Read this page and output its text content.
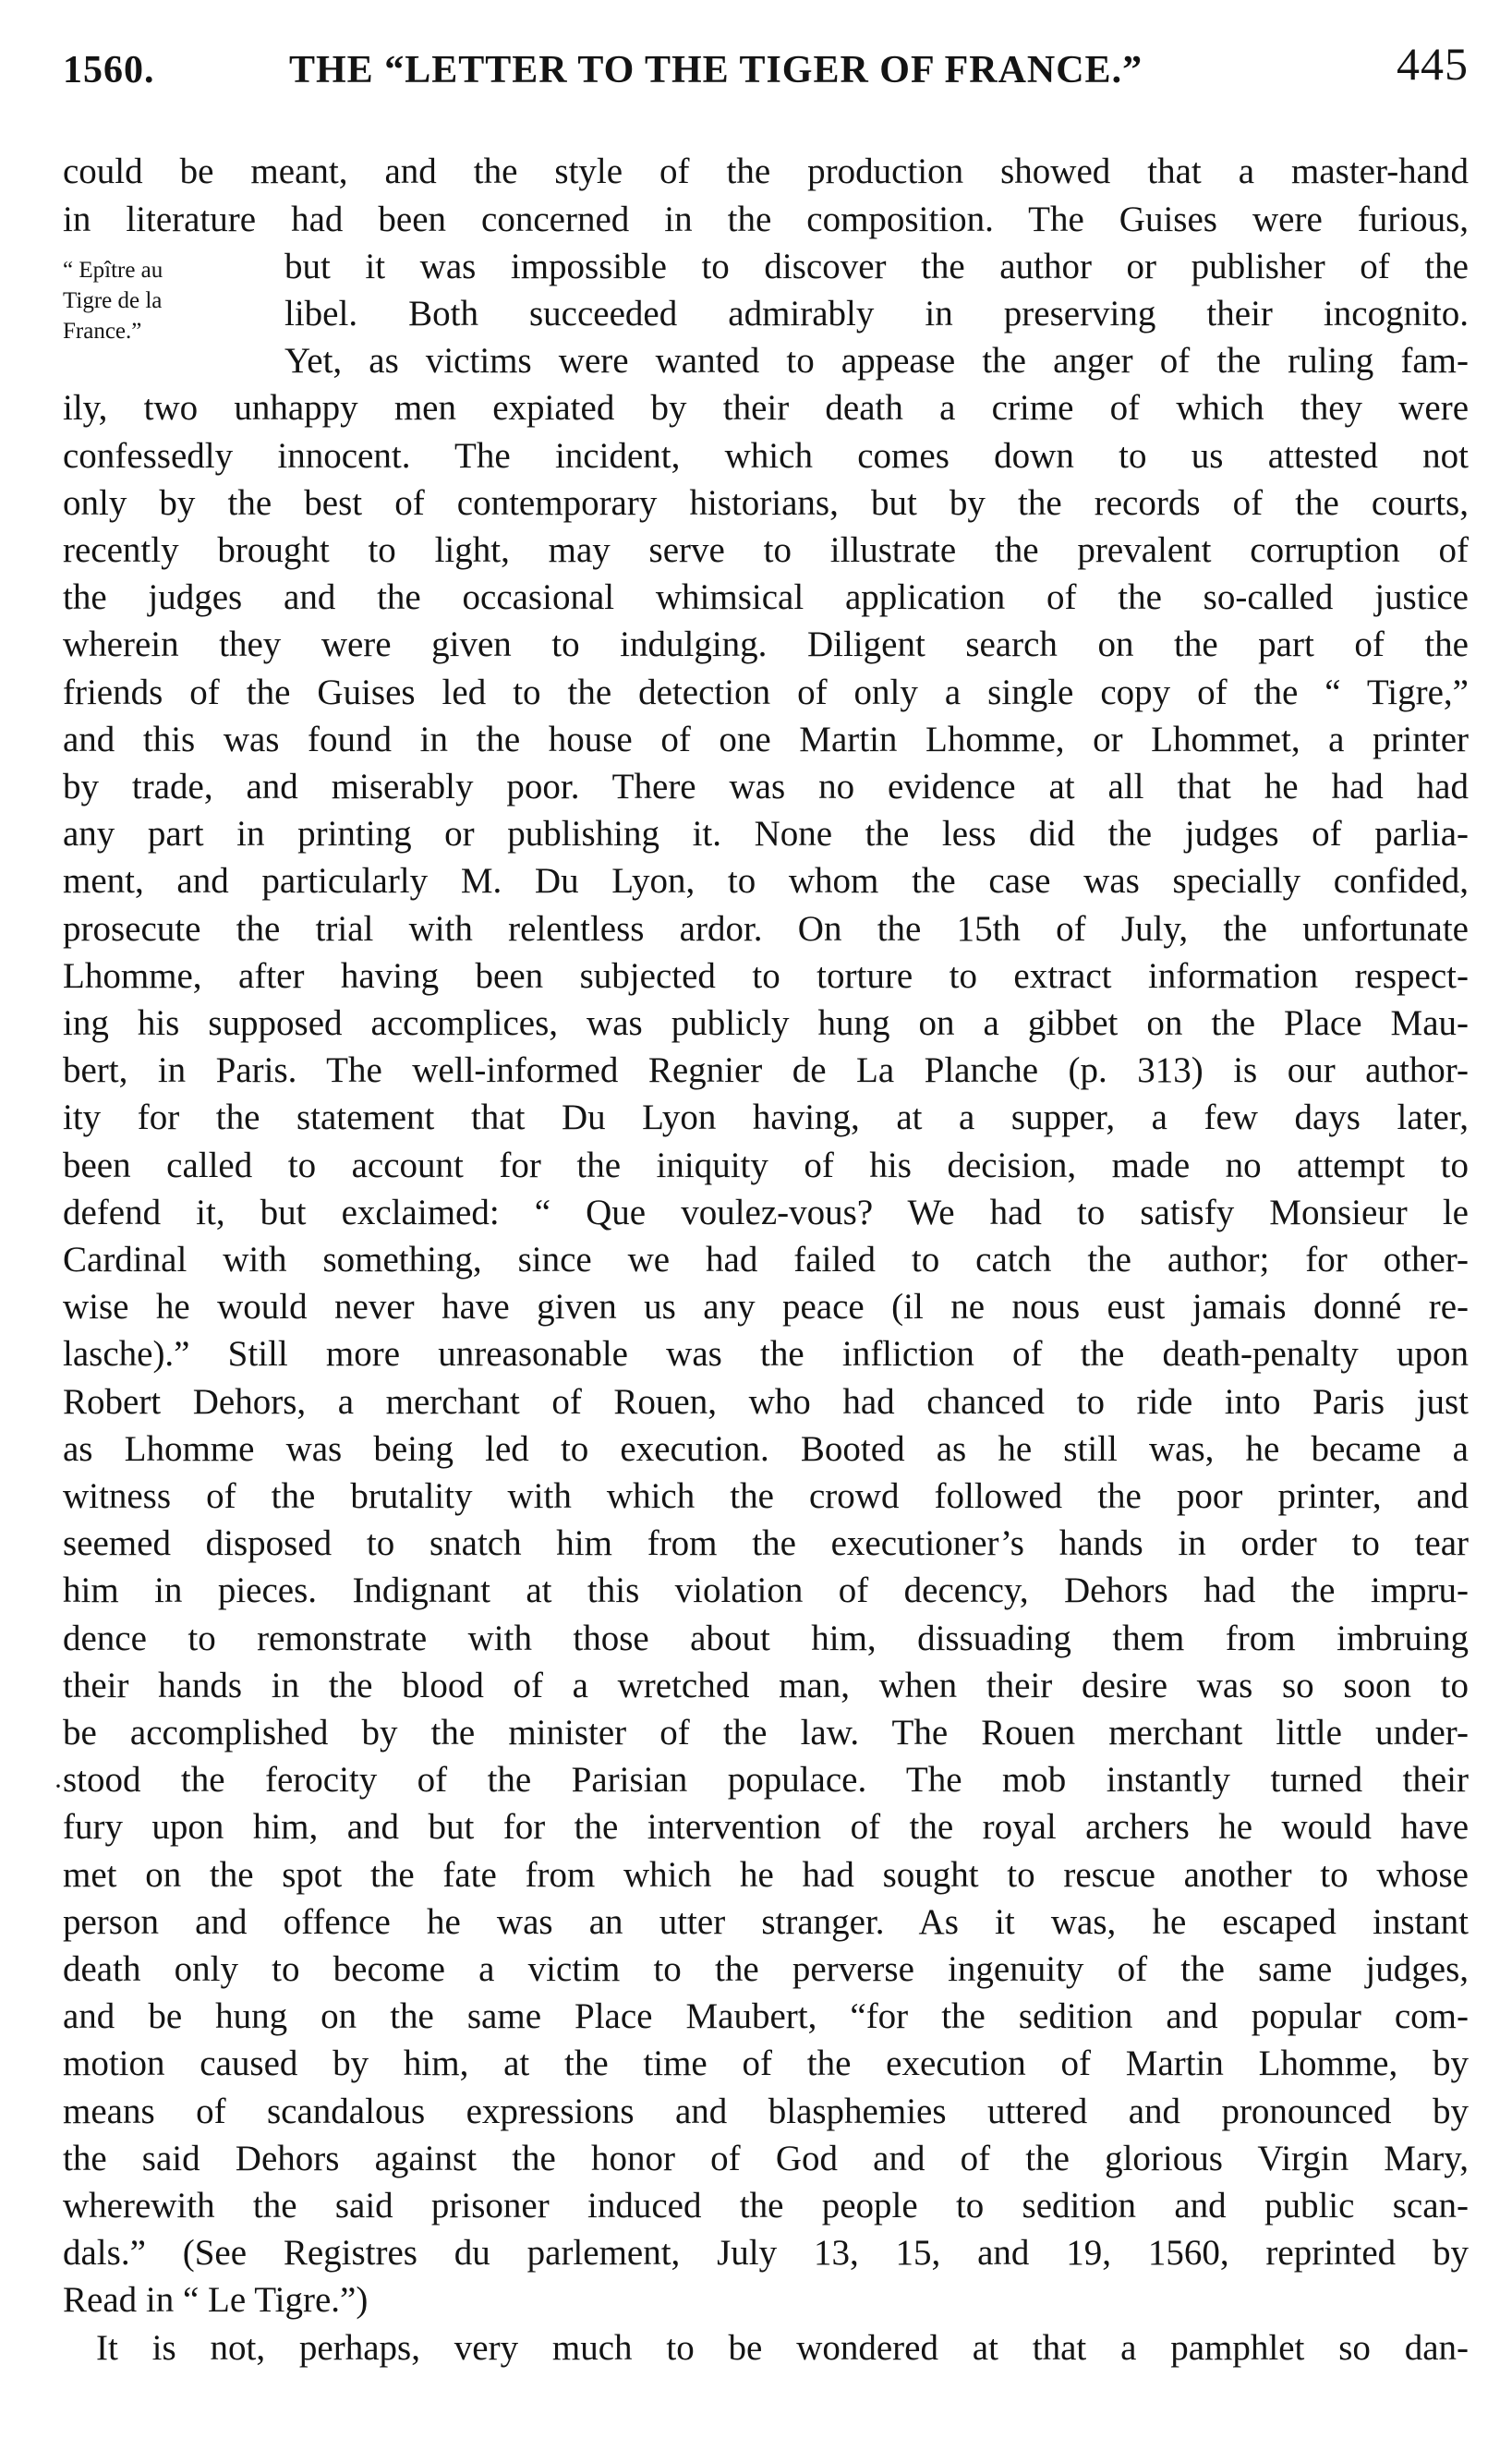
1560.	THE “LETTER TO THE TIGER OF FRANCE.”	445
“ Epître au
Tigre de la
France.”
·
could be meant, and the style of the production showed that a master-hand
in literature had been concerned in the composition. The Guises were furious,
but it was impossible to discover the author or publisher of the
libel. Both succeeded admirably in preserving their incognito.
Yet, as victims were wanted to appease the anger of the ruling fam-
ily, two unhappy men expiated by their death a crime of which they were
confessedly innocent. The incident, which comes down to us attested not
only by the best of contemporary historians, but by the records of the courts,
recently brought to light, may serve to illustrate the prevalent corruption of
the judges and the occasional whimsical application of the so-called justice
wherein they were given to indulging. Diligent search on the part of the
friends of the Guises led to the detection of only a single copy of the “ Tigre,”
and this was found in the house of one Martin Lhomme, or Lhommet, a printer
by trade, and miserably poor. There was no evidence at all that he had had
any part in printing or publishing it. None the less did the judges of parlia-
ment, and particularly M. Du Lyon, to whom the case was specially confided,
prosecute the trial with relentless ardor. On the 15th of July, the unfortunate
Lhomme, after having been subjected to torture to extract information respect-
ing his supposed accomplices, was publicly hung on a gibbet on the Place Mau-
bert, in Paris. The well-informed Regnier de La Planche (p. 313) is our author-
ity for the statement that Du Lyon having, at a supper, a few days later,
been called to account for the iniquity of his decision, made no attempt to
defend it, but exclaimed: “ Que voulez-vous? We had to satisfy Monsieur le
Cardinal with something, since we had failed to catch the author; for other-
wise he would never have given us any peace (il ne nous eust jamais donné re-
lasche).” Still more unreasonable was the infliction of the death-penalty upon
Robert Dehors, a merchant of Rouen, who had chanced to ride into Paris just
as Lhomme was being led to execution. Booted as he still was, he became a
witness of the brutality with which the crowd followed the poor printer, and
seemed disposed to snatch him from the executioner’s hands in order to tear
him in pieces. Indignant at this violation of decency, Dehors had the impru-
dence to remonstrate with those about him, dissuading them from imbruing
their hands in the blood of a wretched man, when their desire was so soon to
be accomplished by the minister of the law. The Rouen merchant little under-
stood the ferocity of the Parisian populace. The mob instantly turned their
fury upon him, and but for the intervention of the royal archers he would have
met on the spot the fate from which he had sought to rescue another to whose
person and offence he was an utter stranger. As it was, he escaped instant
death only to become a victim to the perverse ingenuity of the same judges,
and be hung on the same Place Maubert, “for the sedition and popular com-
motion caused by him, at the time of the execution of Martin Lhomme, by
means of scandalous expressions and blasphemies uttered and pronounced by
the said Dehors against the honor of God and of the glorious Virgin Mary,
wherewith the said prisoner induced the people to sedition and public scan-
dals.” (See Registres du parlement, July 13, 15, and 19, 1560, reprinted by
Read in “ Le Tigre.”)
It is not, perhaps, very much to be wondered at that a pamphlet so dan-
